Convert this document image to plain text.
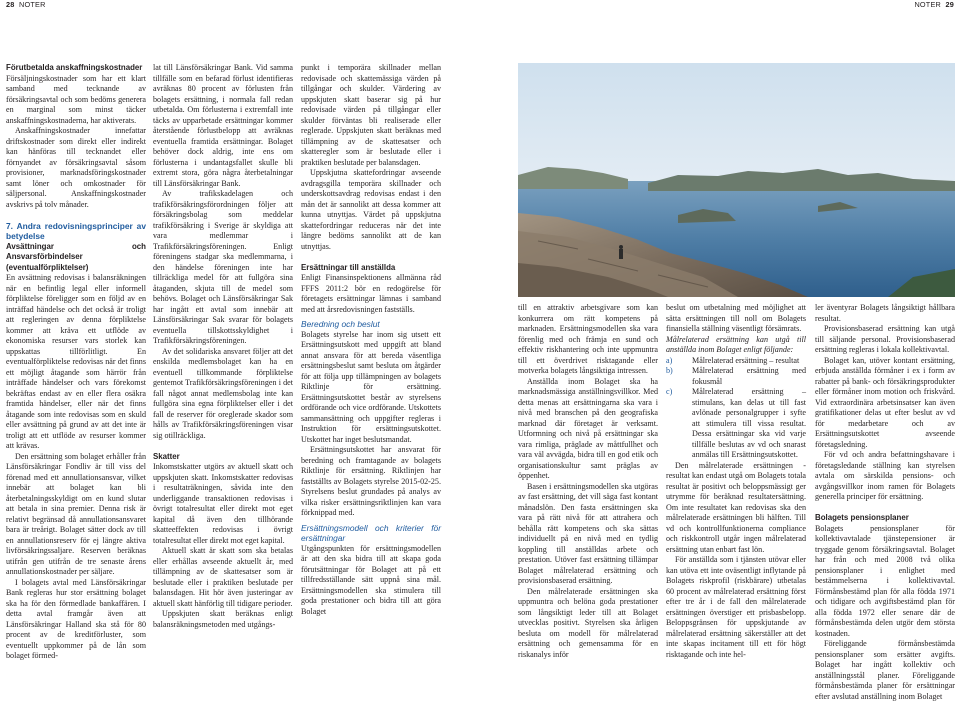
28 NOTER	NOTER 29
Förutbetalda anskaffningskostnader

Försäljningskostnader som har ett klart samband med tecknande av försäkringsavtal och som bedöms generera en marginal som minst täcker anskaffningskostnaderna, har aktiverats.

Anskaffningskostnader innefattar driftskostnader som direkt eller indirekt kan hänföras till tecknandet eller förnyandet av försäkringsavtal såsom provisioner, marknadsföringskostnader samt löner och omkostnader för säljpersonal. Anskaffningskostnader avskrivs på tolv månader.

7. Andra redovisningsprinciper av betydelse
Avsättningar och Ansvarsförbindelser (eventualförpliktelser)

En avsättning redovisas i balansräkningen när en befintlig legal eller informell förpliktelse föreligger som en följd av en inträffad händelse och det också är troligt att regleringen av denna förpliktelse kommer att kräva ett utflöde av ekonomiska resurser vars storlek kan uppskattas tillförlitligt. En eventualförpliktelse redovisas när det finns ett möjligt åtagande som härrör från inträffade händelser och vars förekomst bekräftas endast av en eller flera osäkra framtida händelser, eller när det finns åtagande som inte redovisas som en skuld eller avsättning på grund av att det inte är troligt att ett utflöde av resurser kommer att krävas.

Den ersättning som bolaget erhåller från Länsförsäkringar Fondliv är till viss del förenad med ett annullationsansvar, vilket innebär att bolaget kan bli återbetalningsskyldigt om en kund slutar att betala in sina premier. Denna risk är relativt begränsad då annullationsansvaret bara är treårigt. Bolaget sätter dock av till en annullationsreserv för ej längre aktiva livförsäkringssaljare. Reserven beräknas utifrån gen utifrån de tre senaste årens annullationskostnader per säljare.

I bolagets avtal med Länsförsäkringar Bank regleras hur stor ersättning bolaget ska ha för den förmedlade bankaffären. I detta avtal framgår även att Länsförsäkringar Halland ska stå för 80 procent av de kreditförluster, som eventuellt uppkommer på de lån som bolaget förmed-

lat till Länsförsäkringar Bank. Vid samma tillfälle som en befarad förlust identifieras avräknas 80 procent av förlusten från bolagets ersättning, i normala fall redan utbetalda. Om förlusterna i extremfall inte täcks av upparbetade ersättningar kommer återstående förlustbelopp att avräknas eventuella framtida ersättningar. Bolaget behöver dock aldrig, inte ens om förlusterna i undantagsfallet skulle bli extremt stora, göra några återbetalningar till Länsförsäkringar Bank.

Av trafikskadelagen och trafikförsäkringsförordningen följer att försäkringsbolag som meddelar trafikförsäkring i Sverige är skyldiga att vara medlemmar i Trafikförsäkringsföreningen. Enligt föreningens stadgar ska medlemmarna, i den händelse föreningen inte har tillräckliga medel för att fullgöra sina åtaganden, skjuta till de medel som behövs. Bolaget och Länsförsäkringar Sak har ingått ett avtal som innebär att Länsförsäkringar Sak svarar för bolagets eventuella tillskottsskyldighet i Trafikförsäkringsföreningen.

Av det solidariska ansvaret följer att det enskilda medlemsbolaget kan ha en eventuell tillkommande förpliktelse gentemot Trafikförsäkringsföreningen i det fall något annat medlemsbolag inte kan fullgöra sina egna förpliktelser eller i det fall de reserver för oreglerade skador som hålls av Trafikförsäkringsföreningen visar sig otillräckliga.

Skatter

Inkomstskatter utgörs av aktuell skatt och uppskjuten skatt. Inkomstskatter redovisas i resultaträkningen, såvida inte den underliggande transaktionen redovisas i övrigt totalresultat eller direkt mot eget kapital då även den tillhörande skatteeffekten redovisas i övrigt totalresultat eller direkt mot eget kapital.

Aktuell skatt är skatt som ska betalas eller erhållas avseende aktuellt år, med tillämpning av de skattesatser som är beslutade eller i praktiken beslutade per balansdagen. Hit hör även justeringar av aktuell skatt hänförlig till tidigare perioder.

Uppskjuten skatt beräknas enligt balansräkningsmetoden med utgångs-

punkt i temporära skillnader mellan redovisade och skattemässiga värden på tillgångar och skulder. Värdering av uppskjuten skatt baserar sig på hur redovisade värden på tillgångar eller skulder förväntas bli realiserade eller reglerade. Uppskjuten skatt beräknas med tillämpning av de skattesatser och skatteregler som är beslutade eller i praktiken beslutade per balansdagen.

Uppskjutna skattefordringar avseende avdragsgilla temporära skillnader och underskottsavdrag redovisas endast i den mån det är sannolikt att dessa kommer att kunna utnyttjas. Värdet på uppskjutna skattefordringar reduceras när det inte längre bedöms sannolikt att de kan utnyttjas.

Ersättningar till anställda

Enligt Finansinspektionens allmänna råd FFFS 2011:2 bör en redogörelse för företagets ersättningar lämnas i samband med att årsredovisningen fastställs.

Beredning och beslut

Bolagets styrelse har inom sig utsett ett Ersättningsutskott med uppgift att bland annat ansvara för att bereda väsentliga ersättningsbeslut samt besluta om åtgärder för att följa upp tillämpningen av bolagets Riktlinje för ersättning. Ersättningsutskottet består av styrelsens ordförande och vice ordförande. Utskottets sammansättning och uppgifter regleras i Instruktion för ersättningsutskottet. Utskottet har inget beslutsmandat.

Ersättningsutskottet har ansvarat för beredning och framtagande av bolagets Riktlinje för ersättning. Riktlinjen har fastställts av Bolagets styrelse 2015-02-25. Styrelsens beslut grundades på analys av vilka risker ersättningsriktlinjen kan vara förknippad med.

Ersättningsmodell och kriterier för ersättningar

Utgångspunkten för ersättningsmodellen är att den ska bidra till att skapa goda förutsättningar för Bolaget att på ett tillfredsställande sätt uppnå sina mål. Ersättningsmodellen ska stimulera till goda prestationer och bidra till att göra Bolaget

till en attraktiv arbetsgivare som kan konkurrera om rätt kompetens på marknaden. Ersättningsmodellen ska vara förenlig med och främja en sund och effektiv riskhantering och inte uppmuntra till ett överdrivet risktagande eller motverka bolagets långsiktiga intressen.

Anställda inom Bolaget ska ha marknadsmässiga anställningsvillkor. Med detta menas att ersättningarna ska vara i nivå med branschen på den geografiska marknad där företaget är verksamt. Utformning och nivå på ersättningar ska vara rimliga, präglade av måttfullhet och vara väl avvägda, bidra till en god etik och organisationskultur samt präglas av öppenhet.

Basen i ersättningsmodellen ska utgöras av fast ersättning, det vill säga fast kontant månadslön. Den fasta ersättningen ska vara på rätt nivå för att attrahera och behålla rätt kompetens och ska sättas individuellt på en nivå med en tydlig koppling till anställdas arbete och prestation. Utöver fast ersättning tillämpar Bolaget målrelaterad ersättning och provisionsbaserad ersättning.

Den målrelaterade ersättningen ska uppmuntra och belöna goda prestationer som långsiktigt leder till att Bolaget utvecklas positivt. Styrelsen ska årligen besluta om modell för målrelaterad ersättning och gemensamma för en riskanalys inför

beslut om utbetalning med möjlighet att sätta ersättningen till noll om Bolagets finansiella ställning väsentligt försämrats.

Målrelaterad ersättning kan utgå till anställda inom Bolaget enligt följande:

a) Målrelaterad ersättning – resultat
b) Målrelaterad ersättning med fokusmål
c) Målrelaterad ersättning – stimulans, kan delas ut till fast avlönade personalgrupper i syfte att stimulera till vissa resultat. Dessa ersättningar ska vid varje tillfälle beslutas av vd och snarast anmälas till Ersättningsutskottet.

Den målrelaterade ersättningen - resultat kan endast utgå om Bolagets totala resultat är positivt och beloppsmässigt ger utrymme för beräknad resultatersättning. Om inte resultatet kan redovisas ska den målrelaterade ersättningen bli hälften. Till vd och kontrollfunktionerna compliance och riskkontroll utgår ingen målrelaterad ersättning utan enbart fast lön.

För anställda som i tjänsten utövar eller kan utöva ett inte oväsentligt inflytande på Bolagets riskprofil (riskbärare) utbetalas 60 procent av målrelaterad ersättning först efter tre år i de fall den målrelaterade ersättningen överstiger ett prisbasbelopp. Beloppsgränsen för uppskjutande av målrelaterad ersättning säkerställer att det inte skapas incitament till ett för högt risktagande och inte hel-

ler äventyrar Bolagets långsiktigt hållbara resultat.

Provisionsbaserad ersättning kan utgå till säljande personal. Provisionsbaserad ersättning regleras i lokala kollektivavtal.

Bolaget kan, utöver kontant ersättning, erbjuda anställda förmåner i ex i form av rabatter på bank- och försäkringsprodukter eller förmåner inom motion och friskvård. Vid extraordinära arbetsinsatser kan även gratifikationer delas ut efter beslut av vd för medarbetare och av Ersättningsutskottet avseende företagsledning.

För vd och andra befattningshavare i företagsledande ställning kan styrelsen avtala om särskilda pensions- och avgångsvillkor inom ramen för Bolagets generella principer för ersättning.

Bolagets pensionsplaner

Bolagets pensionsplaner för kollektivavtalade tjänstepensioner är tryggade genom försäkringsavtal. Bolaget har från och med 2008 två olika pensionsplaner i enlighet med bestämmelserna i kollektivavtal. Förmånsbestämd plan för alla födda 1971 och tidigare och avgiftsbestämd plan för alla födda 1972 eller senare där de förmånsbestämda delen utgör dem största kostnaden.

Föreliggande förmånsbestämda pensionsplaner som ersätter avgifts. Bolaget har ingått kollektiv och anställningsstål planer. Föreliggande förmånsbestämda planer för ersättningar efter avslutad anställning inom Bolaget
